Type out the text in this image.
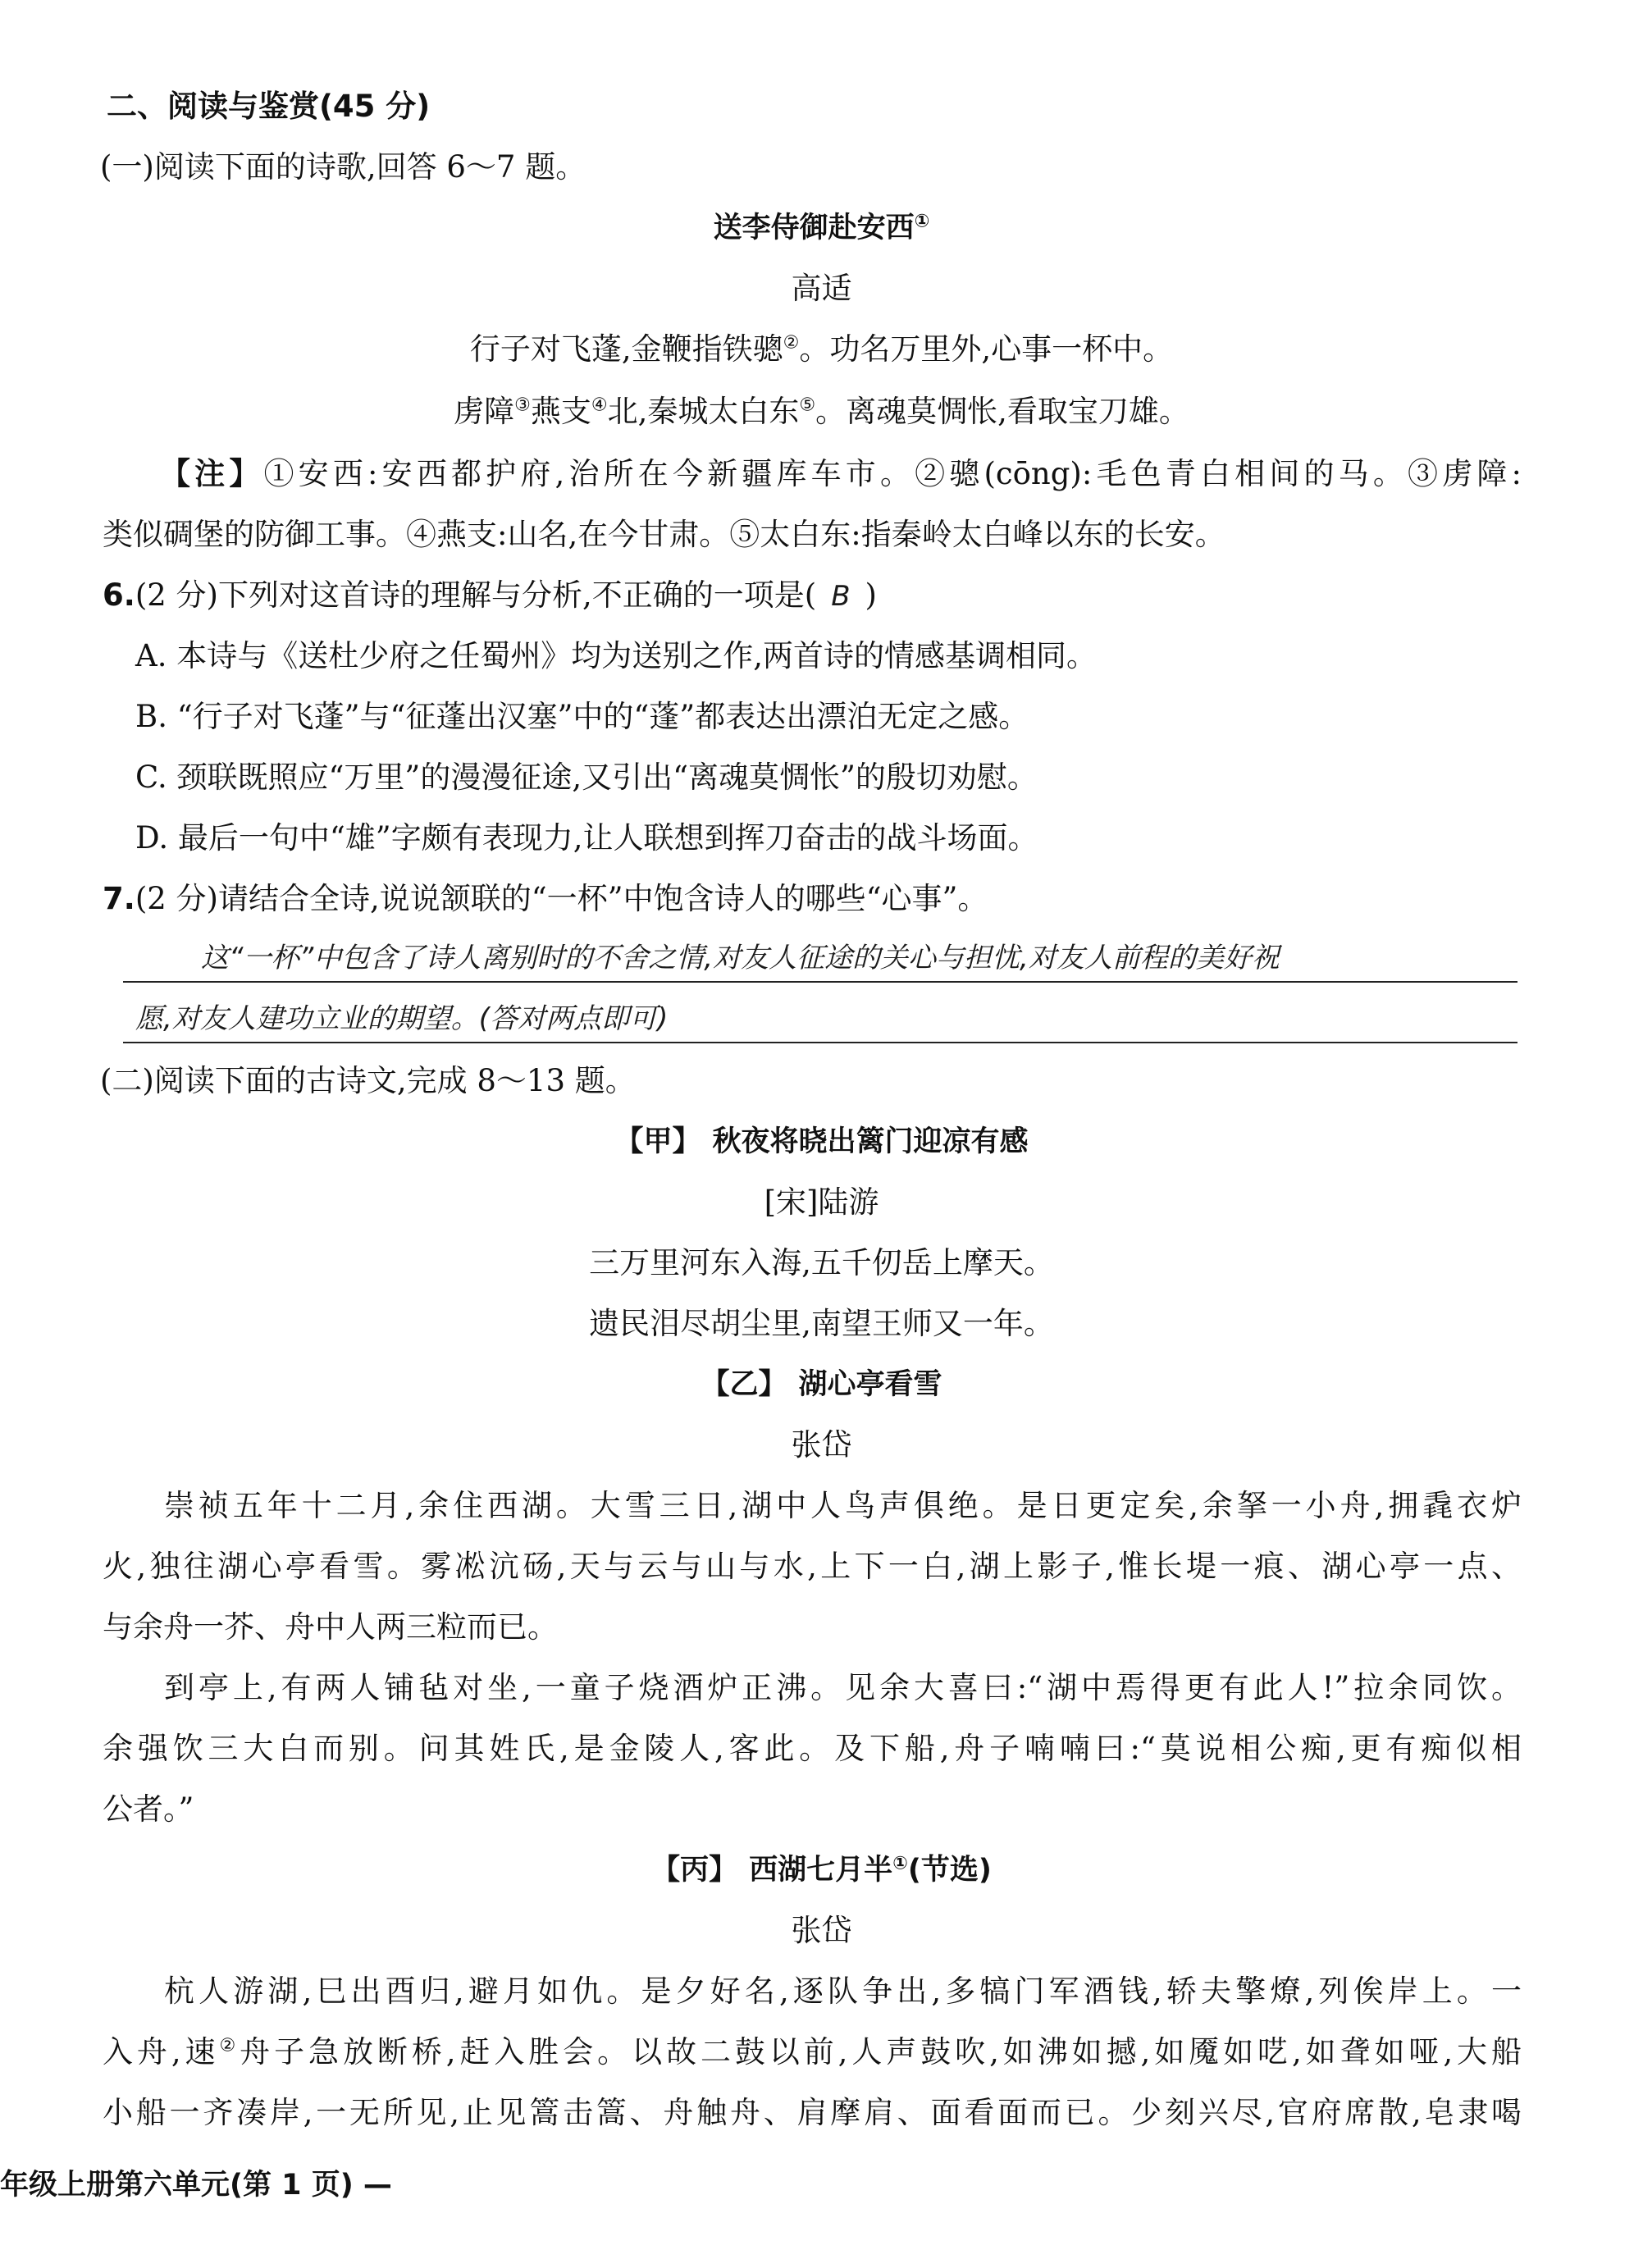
二、阅读与鉴赏(45 分)
(一)阅读下面的诗歌,回答 6～7 题。
送李侍御赴安西①
高适
行子对飞蓬,金鞭指铁骢②。功名万里外,心事一杯中。
虏障③燕支④北,秦城太白东⑤。离魂莫惆怅,看取宝刀雄。
【注】①安西:安西都护府,治所在今新疆库车市。②骢(cōng):毛色青白相间的马。③虏障:
类似碉堡的防御工事。④燕支:山名,在今甘肃。⑤太白东:指秦岭太白峰以东的长安。
6.(2 分)下列对这首诗的理解与分析,不正确的一项是( B )
A. 本诗与《送杜少府之任蜀州》均为送别之作,两首诗的情感基调相同。
B. “行子对飞蓬”与“征蓬出汉塞”中的“蓬”都表达出漂泊无定之感。
C. 颈联既照应“万里”的漫漫征途,又引出“离魂莫惆怅”的殷切劝慰。
D. 最后一句中“雄”字颇有表现力,让人联想到挥刀奋击的战斗场面。
7.(2 分)请结合全诗,说说颔联的“一杯”中饱含诗人的哪些“心事”。
这“一杯”中包含了诗人离别时的不舍之情,对友人征途的关心与担忧,对友人前程的美好祝
愿,对友人建功立业的期望。(答对两点即可)
(二)阅读下面的古诗文,完成 8～13 题。
【甲】 秋夜将晓出篱门迎凉有感
[宋]陆游
三万里河东入海,五千仞岳上摩天。
遗民泪尽胡尘里,南望王师又一年。
【乙】 湖心亭看雪
张岱
崇祯五年十二月,余住西湖。大雪三日,湖中人鸟声俱绝。是日更定矣,余拏一小舟,拥毳衣炉
火,独往湖心亭看雪。雾凇沆砀,天与云与山与水,上下一白,湖上影子,惟长堤一痕、湖心亭一点、
与余舟一芥、舟中人两三粒而已。
到亭上,有两人铺毡对坐,一童子烧酒炉正沸。见余大喜曰:“湖中焉得更有此人!”拉余同饮。
余强饮三大白而别。问其姓氏,是金陵人,客此。及下船,舟子喃喃曰:“莫说相公痴,更有痴似相
公者。”
【丙】 西湖七月半①(节选)
张岱
杭人游湖,巳出酉归,避月如仇。是夕好名,逐队争出,多犒门军酒钱,轿夫擎燎,列俟岸上。一
入舟,速②舟子急放断桥,赶入胜会。以故二鼓以前,人声鼓吹,如沸如撼,如魇如呓,如聋如哑,大船
小船一齐凑岸,一无所见,止见篙击篙、舟触舟、肩摩肩、面看面而已。少刻兴尽,官府席散,皂隶喝
年级上册第六单元(第 1 页) —
